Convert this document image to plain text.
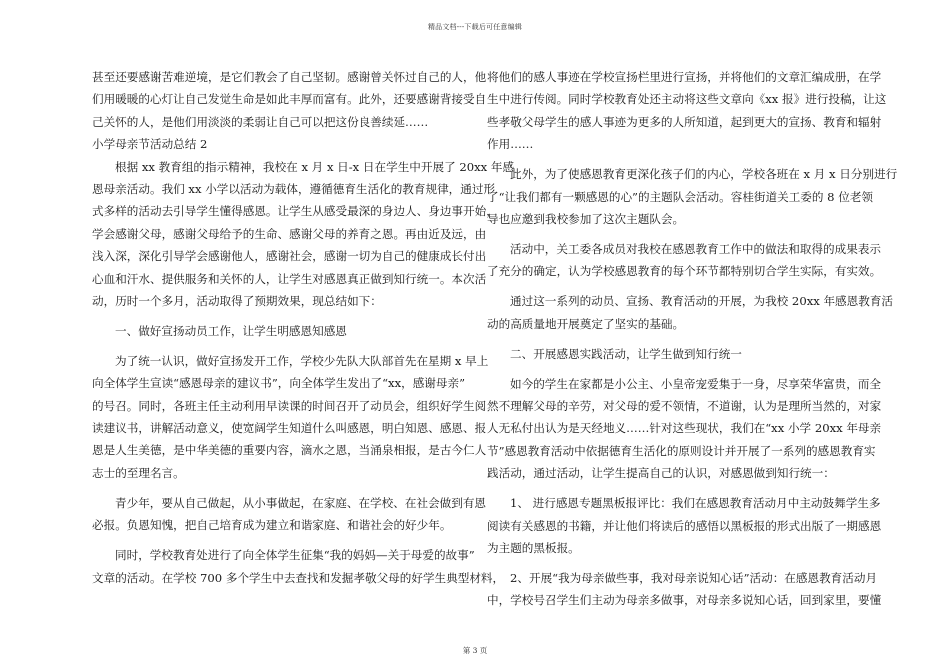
精品文档---下载后可任意编辑
甚至还要感谢苦难逆境，是它们教会了自己坚韧。感谢曾关怀过自己的人，他
们用暖暖的心灯让自己发觉生命是如此丰厚而富有。此外，还要感谢背接受自
己关怀的人，是他们用淡淡的柔弱让自己可以把这份良善续延……
小学母亲节活动总结 2
根据 xx 教育组的指示精神，我校在 x 月 x 日-x 日在学生中开展了 20xx 年感
恩母亲活动。我们 xx 小学以活动为载体，遵循德育生活化的教育规律，通过形
式多样的活动去引导学生懂得感恩。让学生从感受最深的身边人、身边事开始，
学会感谢父母，感谢父母给予的生命、感谢父母的养育之恩。再由近及远，由
浅入深，深化引导学会感谢他人，感谢社会，感谢一切为自己的健康成长付出
心血和汗水、提供服务和关怀的人，让学生对感恩真正做到知行统一。本次活
动，历时一个多月，活动取得了预期效果，现总结如下：
一、做好宣扬动员工作，让学生明感恩知感恩
为了统一认识，做好宣扬发开工作，学校少先队大队部首先在星期 x 早上
向全体学生宣读“感恩母亲的建议书”，向全体学生发出了“xx，感谢母亲”
的号召。同时，各班主任主动利用早读课的时间召开了动员会，组织好学生阅
读建议书，讲解活动意义，使宽阔学生知道什么叫感恩，明白知恩、感恩、报
恩是人生美德，是中华美德的重要内容，滴水之恩，当涌泉相报，是古今仁人
志士的至理名言。
青少年，要从自己做起，从小事做起，在家庭、在学校、在社会做到有恩
必报。负恩知愧，把自己培育成为建立和谐家庭、和谐社会的好少年。
同时，学校教育处进行了向全体学生征集“我的妈妈—关于母爱的故事”
文章的活动。在学校 700 多个学生中去查找和发掘孝敬父母的好学生典型材料，
将他们的感人事迹在学校宣扬栏里进行宣扬，并将他们的文章汇编成册，在学
生中进行传阅。同时学校教育处还主动将这些文章向《xx 报》进行投稿，让这
些孝敬父母学生的感人事迹为更多的人所知道，起到更大的宣扬、教育和辐射
作用……
此外，为了使感恩教育更深化孩子们的内心，学校各班在 x 月 x 日分别进行
了“让我们都有一颗感恩的心”的主题队会活动。容桂街道关工委的 8 位老领
导也应邀到我校参加了这次主题队会。
活动中，关工委各成员对我校在感恩教育工作中的做法和取得的成果表示
了充分的确定，认为学校感恩教育的每个环节都特别切合学生实际，有实效。
通过这一系列的动员、宣扬、教育活动的开展，为我校 20xx 年感恩教育活
动的高质量地开展奠定了坚实的基础。
二、开展感恩实践活动，让学生做到知行统一
如今的学生在家都是小公主、小皇帝宠爱集于一身，尽享荣华富贵，而全
然不理解父母的辛劳，对父母的爱不领情，不道谢，认为是理所当然的，对家
人无私付出认为是天经地义……针对这些现状，我们在“xx 小学 20xx 年母亲
节”感恩教育活动中依据德育生活化的原则设计并开展了一系列的感恩教育实
践活动，通过活动，让学生提高自己的认识，对感恩做到知行统一：
1、 进行感恩专题黑板报评比：我们在感恩教育活动月中主动鼓舞学生多
阅读有关感恩的书籍，并让他们将读后的感悟以黑板报的形式出版了一期感恩
为主题的黑板报。
2、开展“我为母亲做些事，我对母亲说知心话”活动：在感恩教育活动月
中，学校号召学生们主动为母亲多做事，对母亲多说知心话，回到家里，要懂
第 3 页
